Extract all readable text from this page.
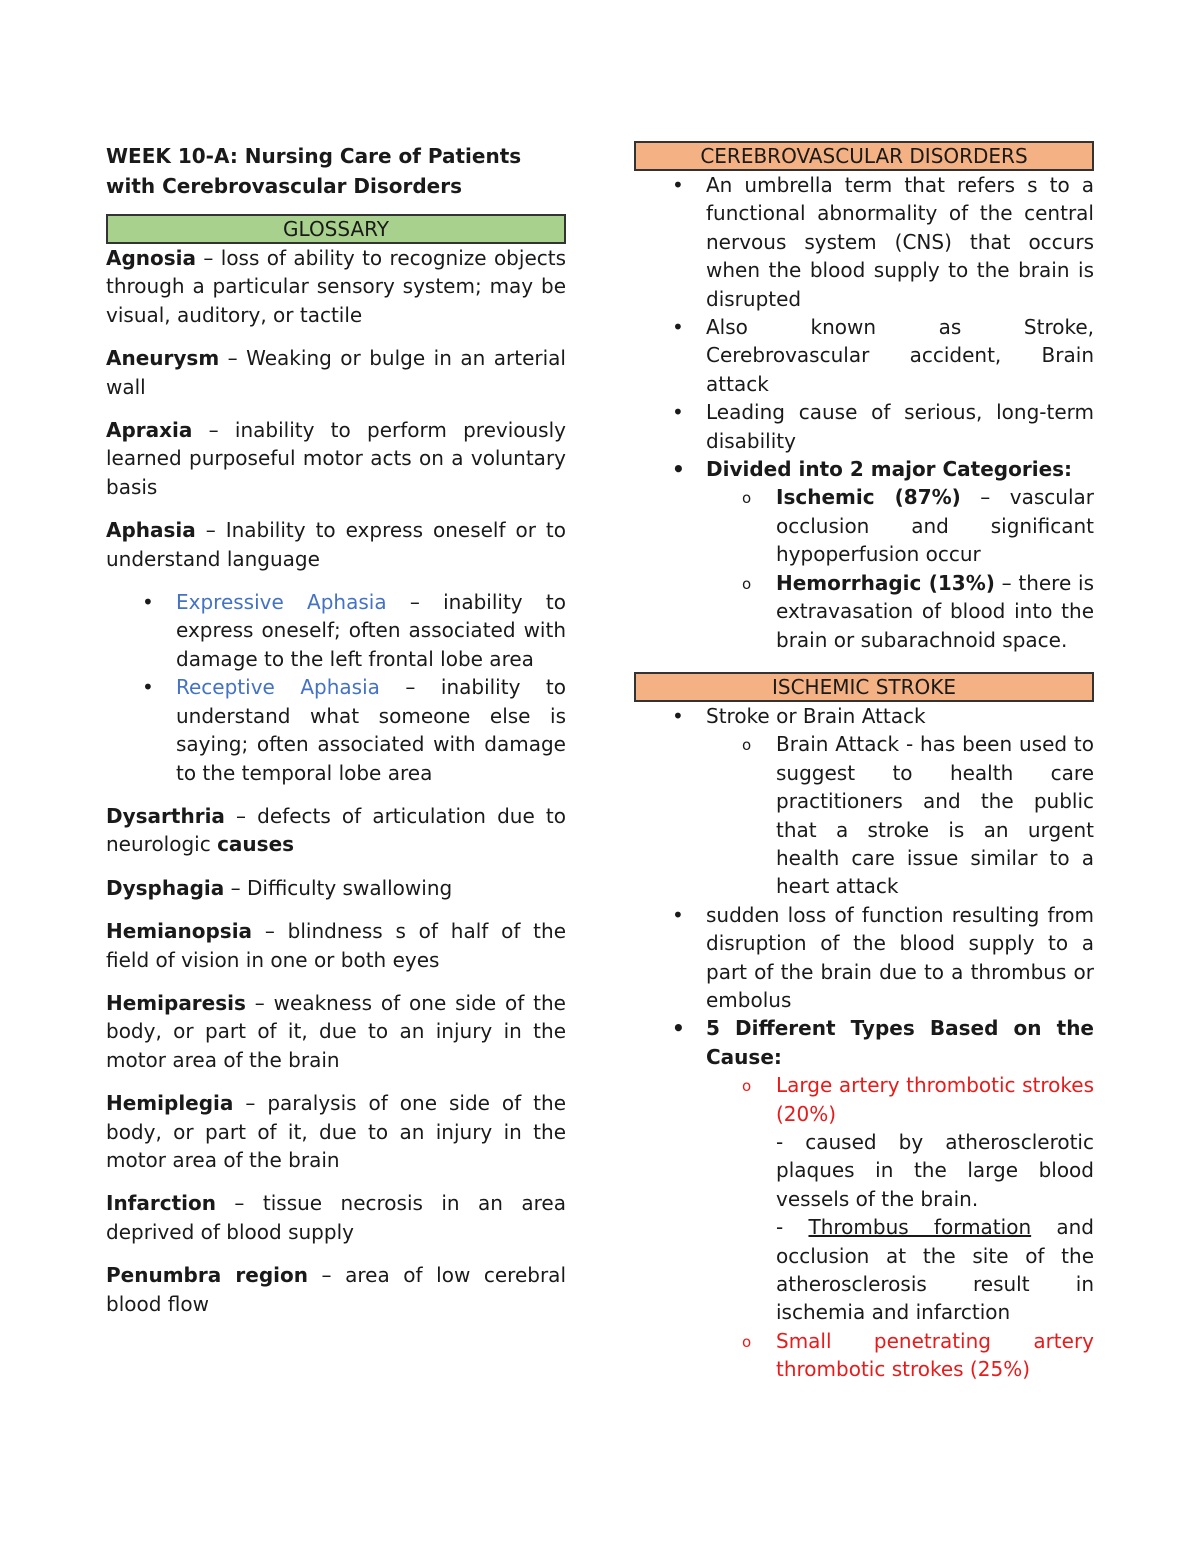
WEEK 10-A: Nursing Care of Patients with Cerebrovascular Disorders
GLOSSARY

Agnosia – loss of ability to recognize objects through a particular sensory system; may be visual, auditory, or tactile

Aneurysm – Weaking or bulge in an arterial wall

Apraxia – inability to perform previously learned purposeful motor acts on a voluntary basis

Aphasia – Inability to express oneself or to understand language

• Expressive Aphasia – inability to express oneself; often associated with damage to the left frontal lobe area
• Receptive Aphasia – inability to understand what someone else is saying; often associated with damage to the temporal lobe area

Dysarthria – defects of articulation due to neurologic causes

Dysphagia – Difficulty swallowing

Hemianopsia – blindness s of half of the field of vision in one or both eyes

Hemiparesis – weakness of one side of the body, or part of it, due to an injury in the motor area of the brain

Hemiplegia – paralysis of one side of the body, or part of it, due to an injury in the motor area of the brain

Infarction – tissue necrosis in an area deprived of blood supply

Penumbra region – area of low cerebral blood flow

CEREBROVASCULAR DISORDERS
• An umbrella term that refers s to a functional abnormality of the central nervous system (CNS) that occurs when the blood supply to the brain is disrupted
• Also known as Stroke, Cerebrovascular accident, Brain attack
• Leading cause of serious, long-term disability
• Divided into 2 major Categories:
o Ischemic (87%) – vascular occlusion and significant hypoperfusion occur
o Hemorrhagic (13%) – there is extravasation of blood into the brain or subarachnoid space.
ISCHEMIC STROKE
• Stroke or Brain Attack
o Brain Attack - has been used to suggest to health care practitioners and the public that a stroke is an urgent health care issue similar to a heart attack
• sudden loss of function resulting from disruption of the blood supply to a part of the brain due to a thrombus or embolus
• 5 Different Types Based on the Cause:
o Large artery thrombotic strokes (20%)
- caused by atherosclerotic plaques in the large blood vessels of the brain.
- Thrombus formation and occlusion at the site of the atherosclerosis result in ischemia and infarction
o Small penetrating artery thrombotic strokes (25%)
